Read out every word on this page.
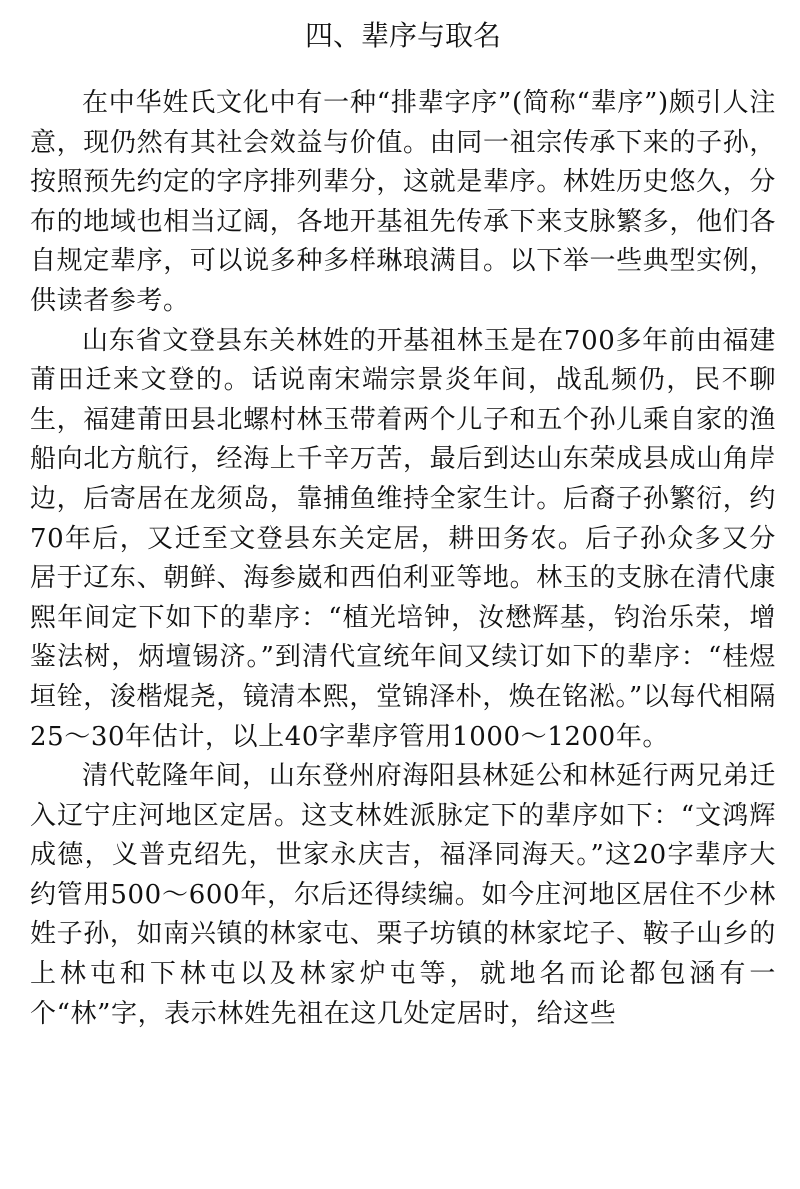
四、辈序与取名

在中华姓氏文化中有一种“排辈字序”(简称“辈序”)颇引人注意，现仍然有其社会效益与价值。由同一祖宗传承下来的子孙，按照预先约定的字序排列辈分，这就是辈序。林姓历史悠久，分布的地域也相当辽阔，各地开基祖先传承下来支脉繁多，他们各自规定辈序，可以说多种多样琳琅满目。以下举一些典型实例，供读者参考。

山东省文登县东关林姓的开基祖林玉是在700多年前由福建莆田迁来文登的。话说南宋端宗景炎年间，战乱频仍，民不聊生，福建莆田县北螺村林玉带着两个儿子和五个孙儿乘自家的渔船向北方航行，经海上千辛万苦，最后到达山东荣成县成山角岸边，后寄居在龙须岛，靠捕鱼维持全家生计。后裔子孙繁衍，约70年后，又迁至文登县东关定居，耕田务农。后子孙众多又分居于辽东、朝鲜、海参崴和西伯利亚等地。林玉的支脉在清代康熙年间定下如下的辈序：“植光培钟，汝懋辉基，钧治乐荣，增鉴法树，炳壇锡济。”到清代宣统年间又续订如下的辈序：“桂煜垣铨，浚楷焜尧，镜清本熙，堂锦泽朴，焕在铭淞。”以每代相隔25～30年估计，以上40字辈序管用1000～1200年。

清代乾隆年间，山东登州府海阳县林延公和林延行两兄弟迁入辽宁庄河地区定居。这支林姓派脉定下的辈序如下：“文鸿辉成德，义普克绍先，世家永庆吉，福泽同海天。”这20字辈序大约管用500～600年，尔后还得续编。如今庄河地区居住不少林姓子孙，如南兴镇的林家屯、栗子坊镇的林家坨子、鞍子山乡的上林屯和下林屯以及林家炉屯等，就地名而论都包涵有一个“林”字，表示林姓先祖在这几处定居时，给这些
